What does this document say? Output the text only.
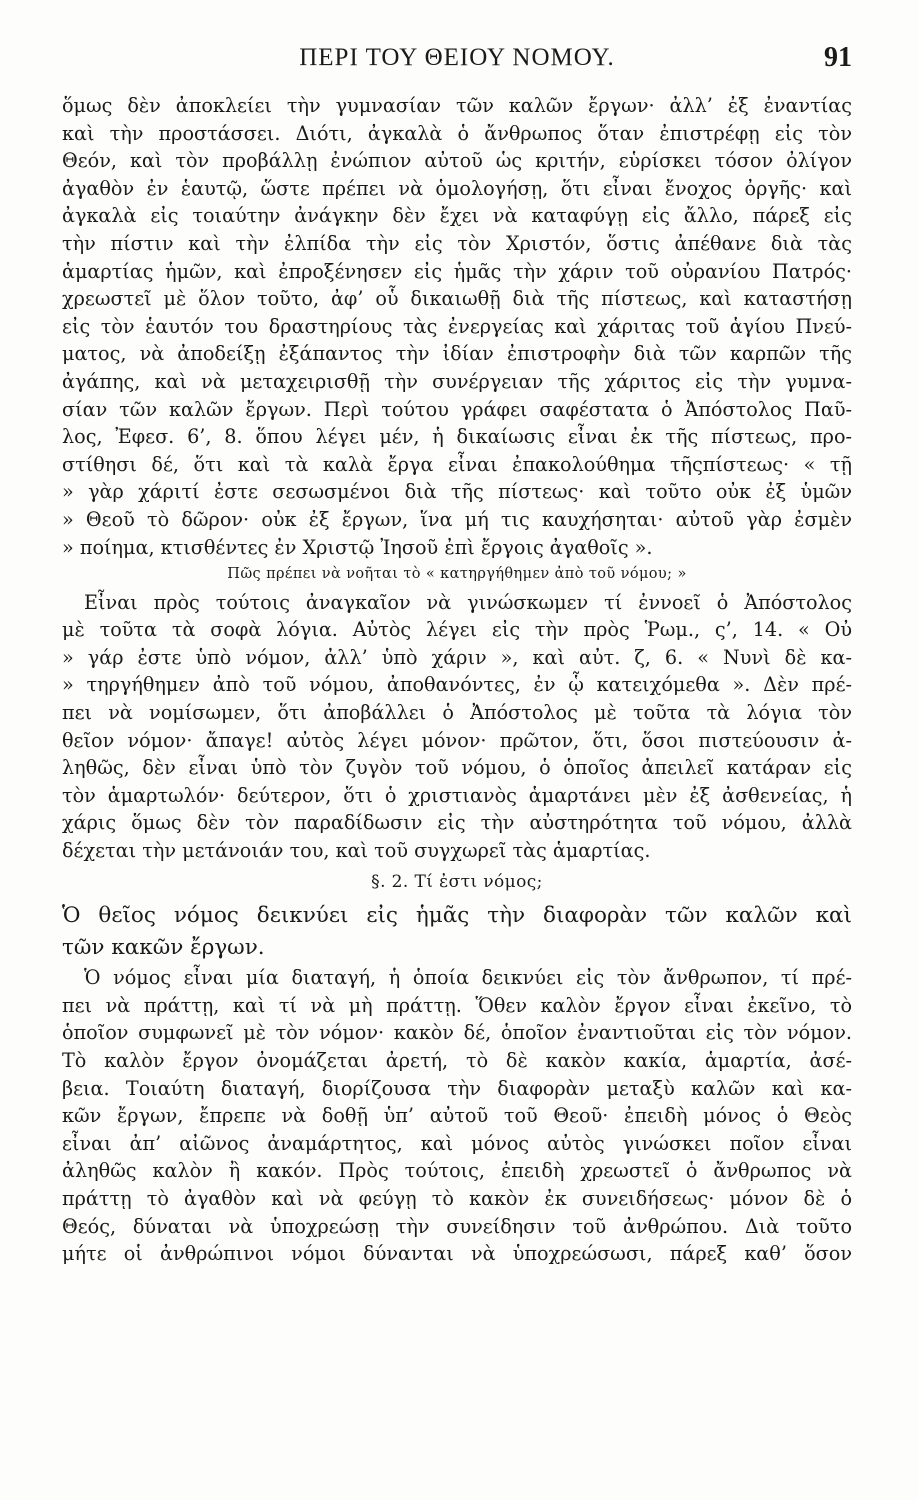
ΠΕΡΙ ΤΟΥ ΘΕΙΟΥ ΝΟΜΟΥ.	91
ὅμως δὲν ἀποκλείει τὴν γυμνασίαν τῶν καλῶν ἔργων· ἀλλ’ ἐξ ἐναντίας
καὶ τὴν προστάσσει. Διότι, ἀγκαλὰ ὁ ἄνθρωπος ὅταν ἐπιστρέφῃ εἰς τὸν
Θεόν, καὶ τὸν προβάλλῃ ἐνώπιον αὐτοῦ ὡς κριτήν, εὑρίσκει τόσον ὀλίγον
ἀγαθὸν ἐν ἑαυτῷ, ὥστε πρέπει νὰ ὁμολογήσῃ, ὅτι εἶναι ἔνοχος ὀργῆς· καὶ
ἀγκαλὰ εἰς τοιαύτην ἀνάγκην δὲν ἔχει νὰ καταφύγῃ εἰς ἄλλο, πάρεξ εἰς
τὴν πίστιν καὶ τὴν ἐλπίδα τὴν εἰς τὸν Χριστόν, ὅστις ἀπέθανε διὰ τὰς
ἁμαρτίας ἡμῶν, καὶ ἐπροξένησεν εἰς ἡμᾶς τὴν χάριν τοῦ οὐρανίου Πατρός·
χρεωστεῖ μὲ ὅλον τοῦτο, ἀφ’ οὗ δικαιωθῇ διὰ τῆς πίστεως, καὶ καταστήσῃ
εἰς τὸν ἑαυτόν του δραστηρίους τὰς ἐνεργείας καὶ χάριτας τοῦ ἁγίου Πνεύ-
ματος, νὰ ἀποδείξῃ ἐξάπαντος τὴν ἰδίαν ἐπιστροφὴν διὰ τῶν καρπῶν τῆς
ἀγάπης, καὶ νὰ μεταχειρισθῇ τὴν συνέργειαν τῆς χάριτος εἰς τὴν γυμνα-
σίαν τῶν καλῶν ἔργων. Περὶ τούτου γράφει σαφέστατα ὁ Ἀπόστολος Παῦ-
λος, Ἐφεσ. 6’, 8. ὅπου λέγει μέν, ἡ δικαίωσις εἶναι ἐκ τῆς πίστεως, προ-
στίθησι δέ, ὅτι καὶ τὰ καλὰ ἔργα εἶναι ἐπακολούθημα τῆςπίστεως· « τῇ
» γὰρ χάριτί ἐστε σεσωσμένοι διὰ τῆς πίστεως· καὶ τοῦτο οὐκ ἐξ ὑμῶν
» Θεοῦ τὸ δῶρον· οὐκ ἐξ ἔργων, ἵνα μή τις καυχήσηται· αὐτοῦ γὰρ ἐσμὲν
» ποίημα, κτισθέντες ἐν Χριστῷ Ἰησοῦ ἐπὶ ἔργοις ἀγαθοῖς ».
Πῶς πρέπει νὰ νοῆται τὸ « κατηργήθημεν ἀπὸ τοῦ νόμου; »
Εἶναι πρὸς τούτοις ἀναγκαῖον νὰ γινώσκωμεν τί ἐννοεῖ ὁ Ἀπόστολος
μὲ τοῦτα τὰ σοφὰ λόγια. Αὐτὸς λέγει εἰς τὴν πρὸς Ῥωμ., ς’, 14. « Οὐ
» γάρ ἐστε ὑπὸ νόμον, ἀλλ’ ὑπὸ χάριν », καὶ αὐτ. ζ, 6. « Νυνὶ δὲ κα-
» τηργήθημεν ἀπὸ τοῦ νόμου, ἀποθανόντες, ἐν ᾧ κατειχόμεθα ». Δὲν πρέ-
πει νὰ νομίσωμεν, ὅτι ἀποβάλλει ὁ Ἀπόστολος μὲ τοῦτα τὰ λόγια τὸν
θεῖον νόμον· ἄπαγε! αὐτὸς λέγει μόνον· πρῶτον, ὅτι, ὅσοι πιστεύουσιν ἀ-
ληθῶς, δὲν εἶναι ὑπὸ τὸν ζυγὸν τοῦ νόμου, ὁ ὁποῖος ἀπειλεῖ κατάραν εἰς
τὸν ἁμαρτωλόν· δεύτερον, ὅτι ὁ χριστιανὸς ἁμαρτάνει μὲν ἐξ ἀσθενείας, ἡ
χάρις ὅμως δὲν τὸν παραδίδωσιν εἰς τὴν αὐστηρότητα τοῦ νόμου, ἀλλὰ
δέχεται τὴν μετάνοιάν του, καὶ τοῦ συγχωρεῖ τὰς ἁμαρτίας.
§. 2. Τί ἐστι νόμος;
Ὁ θεῖος νόμος δεικνύει εἰς ἡμᾶς τὴν διαφορὰν τῶν καλῶν καὶ
τῶν κακῶν ἔργων.
Ὁ νόμος εἶναι μία διαταγή, ἡ ὁποία δεικνύει εἰς τὸν ἄνθρωπον, τί πρέ-
πει νὰ πράττῃ, καὶ τί νὰ μὴ πράττῃ. Ὅθεν καλὸν ἔργον εἶναι ἐκεῖνο, τὸ
ὁποῖον συμφωνεῖ μὲ τὸν νόμον· κακὸν δέ, ὁποῖον ἐναντιοῦται εἰς τὸν νόμον.
Τὸ καλὸν ἔργον ὀνομάζεται ἀρετή, τὸ δὲ κακὸν κακία, ἁμαρτία, ἀσέ-
βεια. Τοιαύτη διαταγή, διορίζουσα τὴν διαφορὰν μεταξὺ καλῶν καὶ κα-
κῶν ἔργων, ἔπρεπε νὰ δοθῇ ὑπ’ αὐτοῦ τοῦ Θεοῦ· ἐπειδὴ μόνος ὁ Θεὸς
εἶναι ἀπ’ αἰῶνος ἀναμάρτητος, καὶ μόνος αὐτὸς γινώσκει ποῖον εἶναι
ἀληθῶς καλὸν ἢ κακόν. Πρὸς τούτοις, ἐπειδὴ χρεωστεῖ ὁ ἄνθρωπος νὰ
πράττῃ τὸ ἀγαθὸν καὶ νὰ φεύγῃ τὸ κακὸν ἐκ συνειδήσεως· μόνον δὲ ὁ
Θεός, δύναται νὰ ὑποχρεώσῃ τὴν συνείδησιν τοῦ ἀνθρώπου. Διὰ τοῦτο
μήτε οἱ ἀνθρώπινοι νόμοι δύνανται νὰ ὑποχρεώσωσι, πάρεξ καθ’ ὅσον
